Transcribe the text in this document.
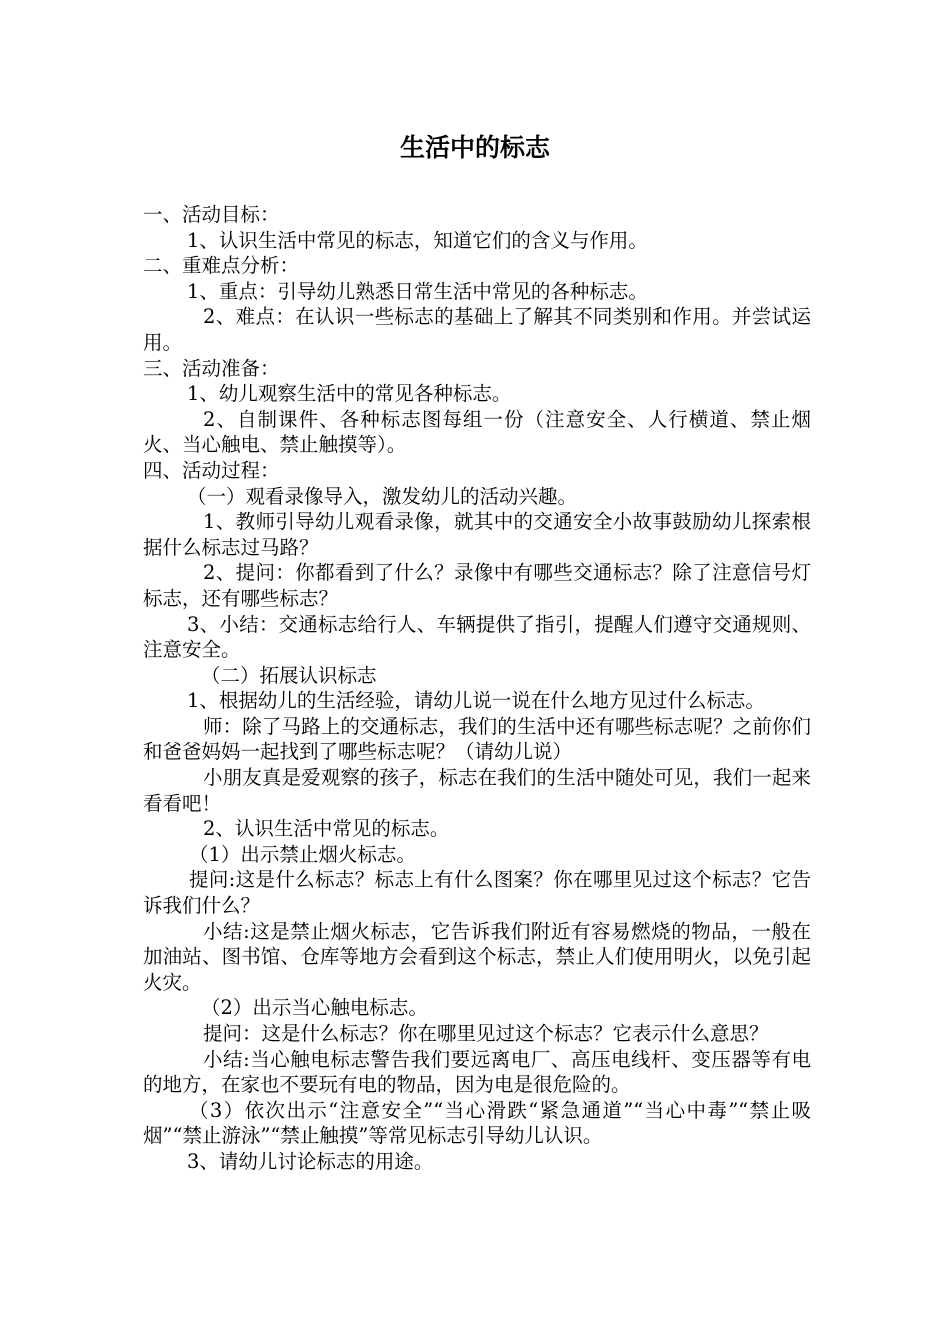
生活中的标志

一、活动目标：

1、认识生活中常见的标志，知道它们的含义与作用。

二、重难点分析：

1、重点：引导幼儿熟悉日常生活中常见的各种标志。

2、难点：在认识一些标志的基础上了解其不同类别和作用。并尝试运用。

三、活动准备：

1、幼儿观察生活中的常见各种标志。

2、自制课件、各种标志图每组一份（注意安全、人行横道、禁止烟火、当心触电、禁止触摸等）。

四、活动过程：

（一）观看录像导入，激发幼儿的活动兴趣。

1、教师引导幼儿观看录像，就其中的交通安全小故事鼓励幼儿探索根据什么标志过马路？

2、提问：你都看到了什么？录像中有哪些交通标志？除了注意信号灯标志，还有哪些标志？

3、小结：交通标志给行人、车辆提供了指引，提醒人们遵守交通规则、注意安全。

（二）拓展认识标志

1、根据幼儿的生活经验，请幼儿说一说在什么地方见过什么标志。

师：除了马路上的交通标志，我们的生活中还有哪些标志呢？之前你们和爸爸妈妈一起找到了哪些标志呢？（请幼儿说）

小朋友真是爱观察的孩子，标志在我们的生活中随处可见，我们一起来看看吧！

2、认识生活中常见的标志。

（1）出示禁止烟火标志。

提问:这是什么标志？标志上有什么图案？你在哪里见过这个标志？它告诉我们什么？

小结:这是禁止烟火标志，它告诉我们附近有容易燃烧的物品，一般在加油站、图书馆、仓库等地方会看到这个标志，禁止人们使用明火，以免引起火灾。

（2）出示当心触电标志。

提问：这是什么标志？你在哪里见过这个标志？它表示什么意思？

小结:当心触电标志警告我们要远离电厂、高压电线杆、变压器等有电的地方，在家也不要玩有电的物品，因为电是很危险的。

（3）依次出示“注意安全”“当心滑跌“紧急通道”“当心中毒”“禁止吸烟”“禁止游泳”“禁止触摸”等常见标志引导幼儿认识。

3、请幼儿讨论标志的用途。
